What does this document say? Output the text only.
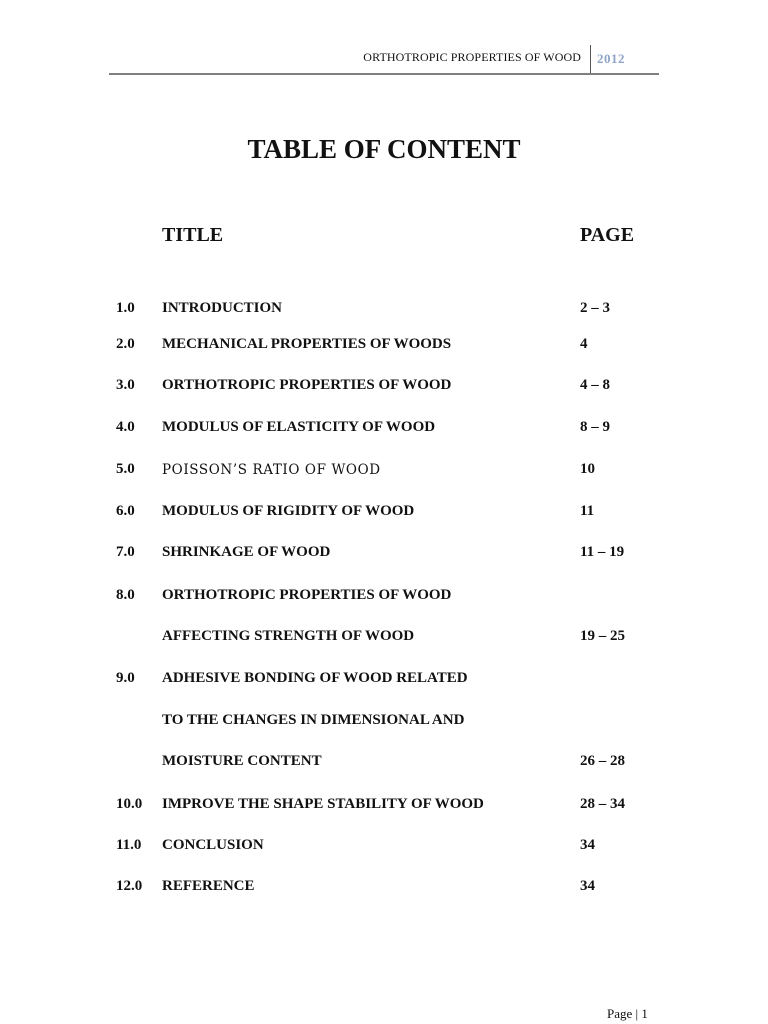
ORTHOTROPIC PROPERTIES OF WOOD 2012
TABLE OF CONTENT
TITLE	PAGE
1.0 INTRODUCTION	2 – 3
2.0 MECHANICAL PROPERTIES OF WOODS	4
3.0 ORTHOTROPIC PROPERTIES OF WOOD	4 – 8
4.0 MODULUS OF ELASTICITY OF WOOD	8 – 9
5.0 POISSON’S RATIO OF WOOD	10
6.0 MODULUS OF RIGIDITY OF WOOD	11
7.0 SHRINKAGE OF WOOD	11 – 19
8.0 ORTHOTROPIC PROPERTIES OF WOOD
AFFECTING STRENGTH OF WOOD	19 – 25
9.0 ADHESIVE BONDING OF WOOD RELATED
TO THE CHANGES IN DIMENSIONAL AND
MOISTURE CONTENT	26 – 28
10.0 IMPROVE THE SHAPE STABILITY OF WOOD	28 – 34
11.0 CONCLUSION	34
12.0 REFERENCE	34
Page | 1
